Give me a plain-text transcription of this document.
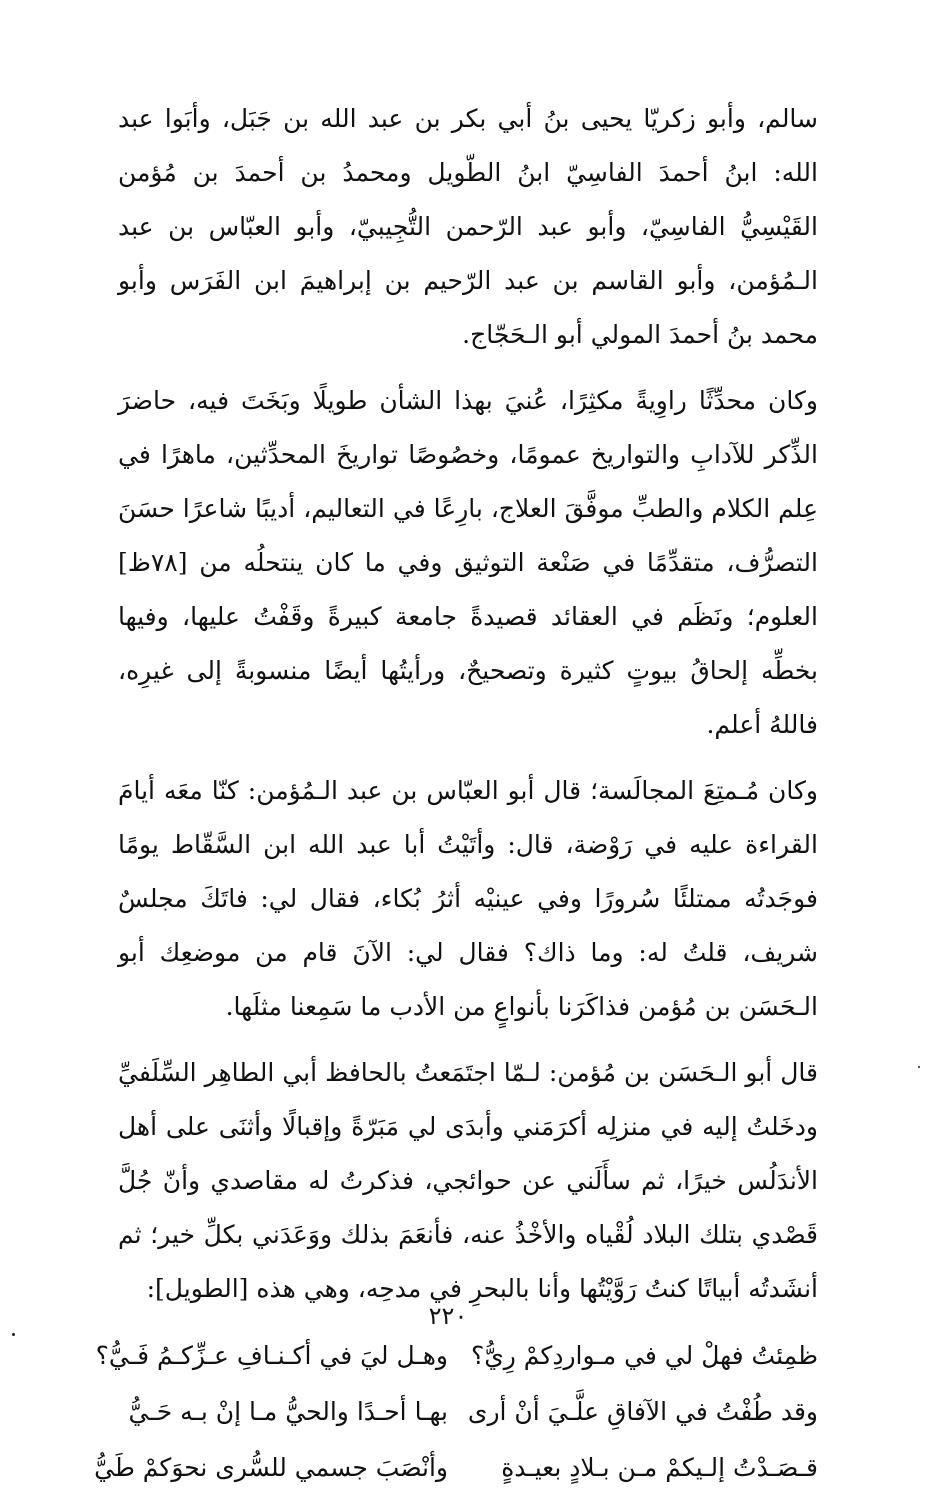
سالم، وأبو زكريّا يحيى بنُ أبي بكر بن عبد الله بن جَبَل، وأبَوا عبد الله: ابنُ أحمدَ الفاسِيّ ابنُ الطّويل ومحمدُ بن أحمدَ بن مُؤمن القَيْسِيُّ الفاسِيّ، وأبو عبد الرّحمن التُّجِيبيّ، وأبو العبّاس بن عبد الـمُؤمن، وأبو القاسم بن عبد الرّحيم بن إبراهيمَ ابن الفَرَس وأبو محمد بنُ أحمدَ المولي أبو الـحَجّاج.

وكان محدِّثًا راوِيةً مكثِرًا، عُنيَ بهذا الشأن طويلًا وبَخَتَ فيه، حاضرَ الذِّكر للآدابِ والتواريخ عمومًا، وخصُوصًا تواريخَ المحدِّثين، ماهرًا في عِلم الكلام والطبِّ موفَّقَ العلاج، بارِعًا في التعاليم، أديبًا شاعرًا حسَنَ التصرُّف، متقدِّمًا في صَنْعة التوثيق وفي ما كان ينتحلُه من [٧٨ظ] العلوم؛ ونَظَم في العقائد قصيدةً جامعة كبيرةً وقَفْتُ عليها، وفيها بخطِّه إلحاقُ بيوتٍ كثيرة وتصحيحٌ، ورأيتُها أيضًا منسوبةً إلى غيرِه، فاللهُ أعلم.

وكان مُـمتِعَ المجالَسة؛ قال أبو العبّاس بن عبد الـمُؤمن: كنّا معَه أيامَ القراءة عليه في رَوْضة، قال: وأتَيْتُ أبا عبد الله ابن السَّقّاط يومًا فوجَدتُه ممتلئًا سُرورًا وفي عينيْه أثرُ بُكاء، فقال لي: فاتَكَ مجلسٌ شريف، قلتُ له: وما ذاك؟ فقال لي: الآنَ قام من موضعِك أبو الـحَسَن بن مُؤمن فذاكَرَنا بأنواعٍ من الأدب ما سَمِعنا مثلَها.

قال أبو الـحَسَن بن مُؤمن: لـمّا اجتَمَعتُ بالحافظ أبي الطاهِر السِّلَفيِّ ودخَلتُ إليه في منزلِه أكرَمَني وأبدَى لي مَبَرّةً وإقبالًا وأثنَى على أهل الأندَلُس خيرًا، ثم سأَلَني عن حوائجي، فذكرتُ له مقاصدي وأنّ جُلَّ قَصْدي بتلك البلاد لُقْياه والأخْذُ عنه، فأنعَمَ بذلك ووَعَدَني بكلِّ خير؛ ثم أنشَدتُه أبياتًا كنتُ رَوَّيْتُها وأنا بالبحرِ في مدحِه، وهي هذه [الطويل]:

ظمِئتُ فهلْ لي في مـواردِكمْ رِيُّ؟
وهـل ليَ في أكـنـافِ عـزِّكـمُ فَـيُّ؟
وقد طُفْتُ في الآفاقِ علَّـيَ أنْ أرى
بهـا أحـدًا والحيُّ مـا إنْ بـه حَـيُّ
قـصَـدْتُ إلـيكمْ مـن بـلادٍ بعيـدةٍ
وأنْصَبَ جسمي للسُّرى نحوَكمْ طَيُّ
٢٢٠
